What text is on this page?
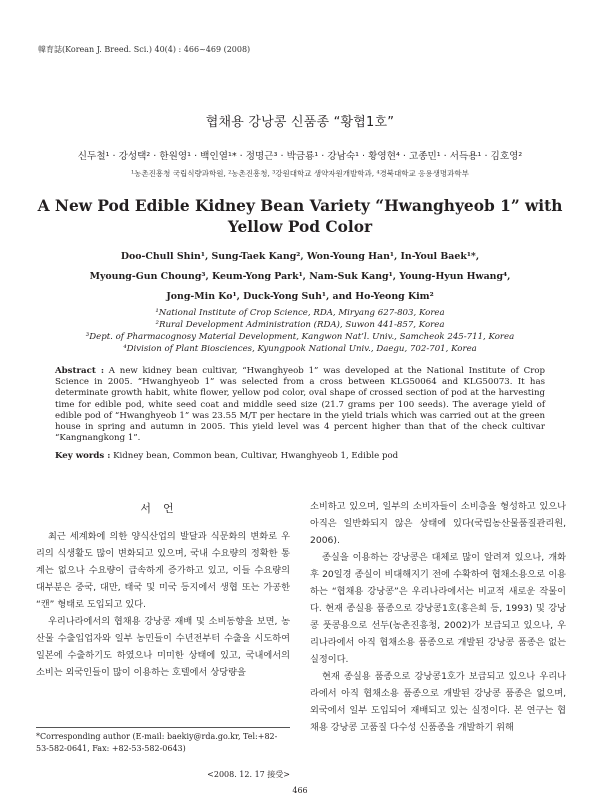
韓育誌(Korean J. Breed. Sci.) 40(4) : 466~469 (2008)
협채용 강낭콩 신품종 “황협1호”
신두철¹ · 강성택² · 한원영¹ · 백인열¹* · 정명근³ · 박금룡¹ · 강남숙¹ · 황영현⁴ · 고종민¹ · 서득용¹ · 김호영²
¹농촌진흥청 국립식량과학원, ²농촌진흥청, ³강원대학교 생약자원개발학과, ⁴경북대학교 응용생명과학부
A New Pod Edible Kidney Bean Variety “Hwanghyeob 1” with
Yellow Pod Color
Doo-Chull Shin¹, Sung-Taek Kang², Won-Young Han¹, In-Youl Baek¹*,
Myoung-Gun Choung³, Keum-Yong Park¹, Nam-Suk Kang¹, Young-Hyun Hwang⁴,
Jong-Min Ko¹, Duck-Yong Suh¹, and Ho-Yeong Kim²
¹National Institute of Crop Science, RDA, Miryang 627-803, Korea
²Rural Development Administration (RDA), Suwon 441-857, Korea
³Dept. of Pharmacognosy Material Development, Kangwon Nat’l. Univ., Samcheok 245-711, Korea
⁴Division of Plant Biosciences, Kyungpook National Univ., Daegu, 702-701, Korea
Abstract : A new kidney bean cultivar, “Hwanghyeob 1” was developed at the National Institute of Crop Science in 2005. “Hwanghyeob 1” was selected from a cross between KLG50064 and KLG50073. It has determinate growth habit, white flower, yellow pod color, oval shape of crossed section of pod at the harvesting time for edible pod, white seed coat and middle seed size (21.7 grams per 100 seeds). The average yield of edible pod of “Hwanghyeob 1” was 23.55 M/T per hectare in the yield trials which was carried out at the green house in spring and autumn in 2005. This yield level was 4 percent higher than that of the check cultivar “Kangnangkong 1”.
Key words : Kidney bean, Common bean, Cultivar, Hwanghyeob 1, Edible pod
서언

최근 세계화에 의한 양식산업의 발달과 식문화의 변화로 우리의 식생활도 많이 변화되고 있으며, 국내 수요량의 정확한 통계는 없으나 수요량이 급속하게 증가하고 있고, 이들 수요량의 대부분은 중국, 대만, 태국 및 미국 등지에서 생협 또는 가공한 “캔” 형태로 도입되고 있다.

우리나라에서의 협채용 강낭콩 재배 및 소비동향을 보면, 농산물 수출입업자와 일부 농민들이 수년전부터 수출을 시도하여 일본에 수출하기도 하였으나 미미한 상태에 있고, 국내에서의 소비는 외국인들이 많이 이용하는 호텔에서 상당량을

소비하고 있으며, 일부의 소비자들이 소비층을 형성하고 있으나 아직은 일반화되지 않은 상태에 있다(국립농산물품질관리원, 2006).

종실을 이용하는 강낭콩은 대체로 많이 알려져 있으나, 개화후 20일경 종실이 비대해지기 전에 수확하여 협채소용으로 이용하는 “협채용 강낭콩”은 우리나라에서는 비교적 새로운 작물이다. 현재 종실용 품종으로 강낭콩1호(홍은희 등, 1993) 및 강낭콩 풋콩용으로 선두(농촌진흥청, 2002)가 보급되고 있으나, 우리나라에서 아직 협채소용 품종으로 개발된 강낭콩 품종은 없는 실정이다.

현재 종실용 품종으로 강낭콩1호가 보급되고 있으나 우리나라에서 아직 협채소용 품종으로 개발된 강낭콩 품종은 없으며, 외국에서 일부 도입되어 재배되고 있는 실정이다. 본 연구는 협채용 강낭콩 고품질 다수성 신품종을 개발하기 위해

*Corresponding author (E-mail: baekiy@rda.go.kr, Tel:+82-53-582-0641, Fax: +82-53-582-0643)
<2008. 12. 17 接受>
466
